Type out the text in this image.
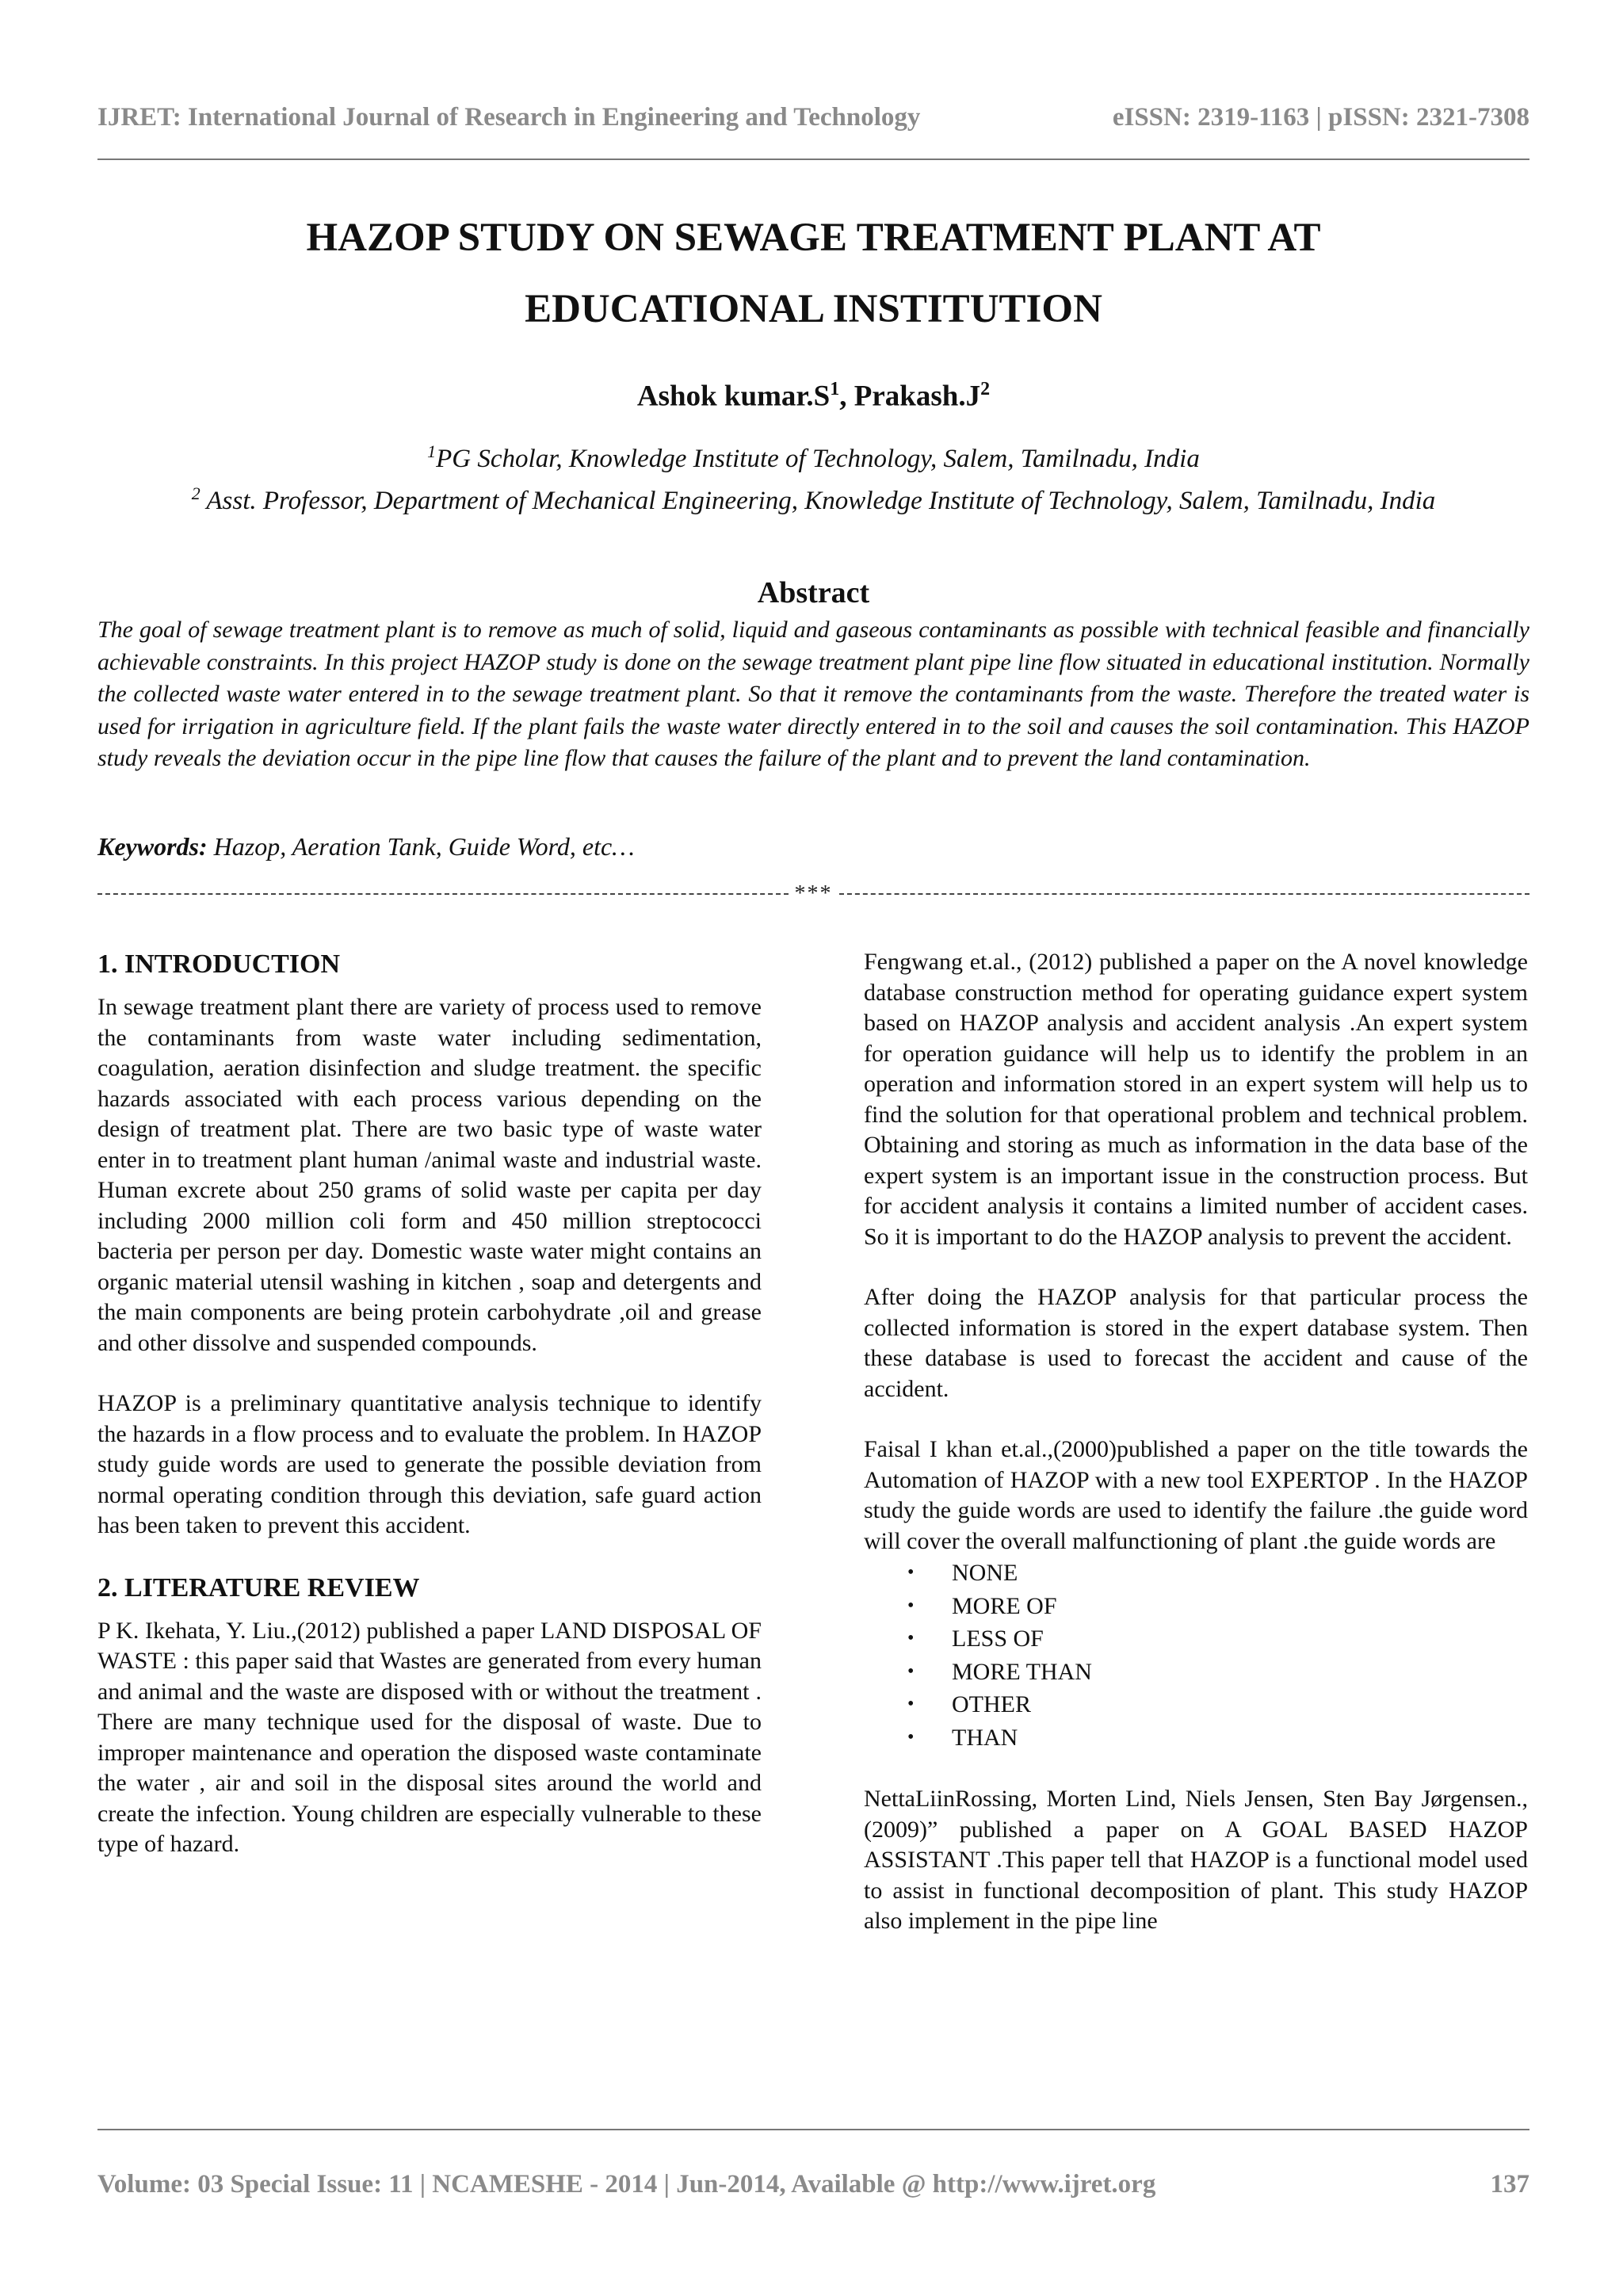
IJRET: International Journal of Research in Engineering and Technology	eISSN: 2319-1163 | pISSN: 2321-7308
HAZOP STUDY ON SEWAGE TREATMENT PLANT AT
EDUCATIONAL INSTITUTION
Ashok $kumar.S^1$, $Prakash.J^2$
$^1$PG Scholar, Knowledge Institute of Technology, Salem, Tamilnadu, India
$^2$ Asst. Professor, Department of Mechanical Engineering, Knowledge Institute of Technology, Salem, Tamilnadu, India
Abstract

The goal of sewage treatment plant is to remove as much of solid, liquid and gaseous contaminants as possible with technical feasible and financially achievable constraints. In this project HAZOP study is done on the sewage treatment plant pipe line flow situated in educational institution. Normally the collected waste water entered in to the sewage treatment plant. So that it remove the contaminants from the waste. Therefore the treated water is used for irrigation in agriculture field. If the plant fails the waste water directly entered in to the soil and causes the soil contamination. This HAZOP study reveals the deviation occur in the pipe line flow that causes the failure of the plant and to prevent the land contamination.

Keywords: Hazop, Aeration Tank, Guide Word, etc…

***
1. INTRODUCTION

In sewage treatment plant there are variety of process used to remove the contaminants from waste water including sedimentation, coagulation, aeration disinfection and sludge treatment. the specific hazards associated with each process various depending on the design of treatment plat. There are two basic type of waste water enter in to treatment plant human /animal waste and industrial waste. Human excrete about 250 grams of solid waste per capita per day including 2000 million coli form and 450 million streptococci bacteria per person per day. Domestic waste water might contains an organic material utensil washing in kitchen , soap and detergents and the main components are being protein carbohydrate ,oil and grease and other dissolve and suspended compounds.

HAZOP is a preliminary quantitative analysis technique to identify the hazards in a flow process and to evaluate the problem. In HAZOP study guide words are used to generate the possible deviation from normal operating condition through this deviation, safe guard action has been taken to prevent this accident.

2. LITERATURE REVIEW

P K. Ikehata, Y. Liu.,(2012) published a paper LAND DISPOSAL OF WASTE : this paper said that Wastes are generated from every human and animal and the waste are disposed with or without the treatment . There are many technique used for the disposal of waste. Due to improper maintenance and operation the disposed waste contaminate the water , air and soil in the disposal sites around the world and create the infection. Young children are especially vulnerable to these type of hazard.

Fengwang et.al., (2012) published a paper on the A novel knowledge database construction method for operating guidance expert system based on HAZOP analysis and accident analysis .An expert system for operation guidance will help us to identify the problem in an operation and information stored in an expert system will help us to find the solution for that operational problem and technical problem. Obtaining and storing as much as information in the data base of the expert system is an important issue in the construction process. But for accident analysis it contains a limited number of accident cases. So it is important to do the HAZOP analysis to prevent the accident.

After doing the HAZOP analysis for that particular process the collected information is stored in the expert database system. Then these database is used to forecast the accident and cause of the accident.

Faisal I khan et.al.,(2000)published a paper on the title towards the Automation of HAZOP with a new tool EXPERTOP . In the HAZOP study the guide words are used to identify the failure .the guide word will cover the overall malfunctioning of plant .the guide words are

• NONE
• MORE OF
• LESS OF
• MORE THAN
• OTHER
• THAN

NettaLiinRossing, Morten Lind, Niels Jensen, Sten Bay Jørgensen.,(2009)” published a paper on A GOAL BASED HAZOP ASSISTANT .This paper tell that HAZOP is a functional model used to assist in functional decomposition of plant. This study HAZOP also implement in the pipe line

Volume: 03 Special Issue: 11 | NCAMESHE - 2014 | Jun-2014, Available @ http://www.ijret.org	137
